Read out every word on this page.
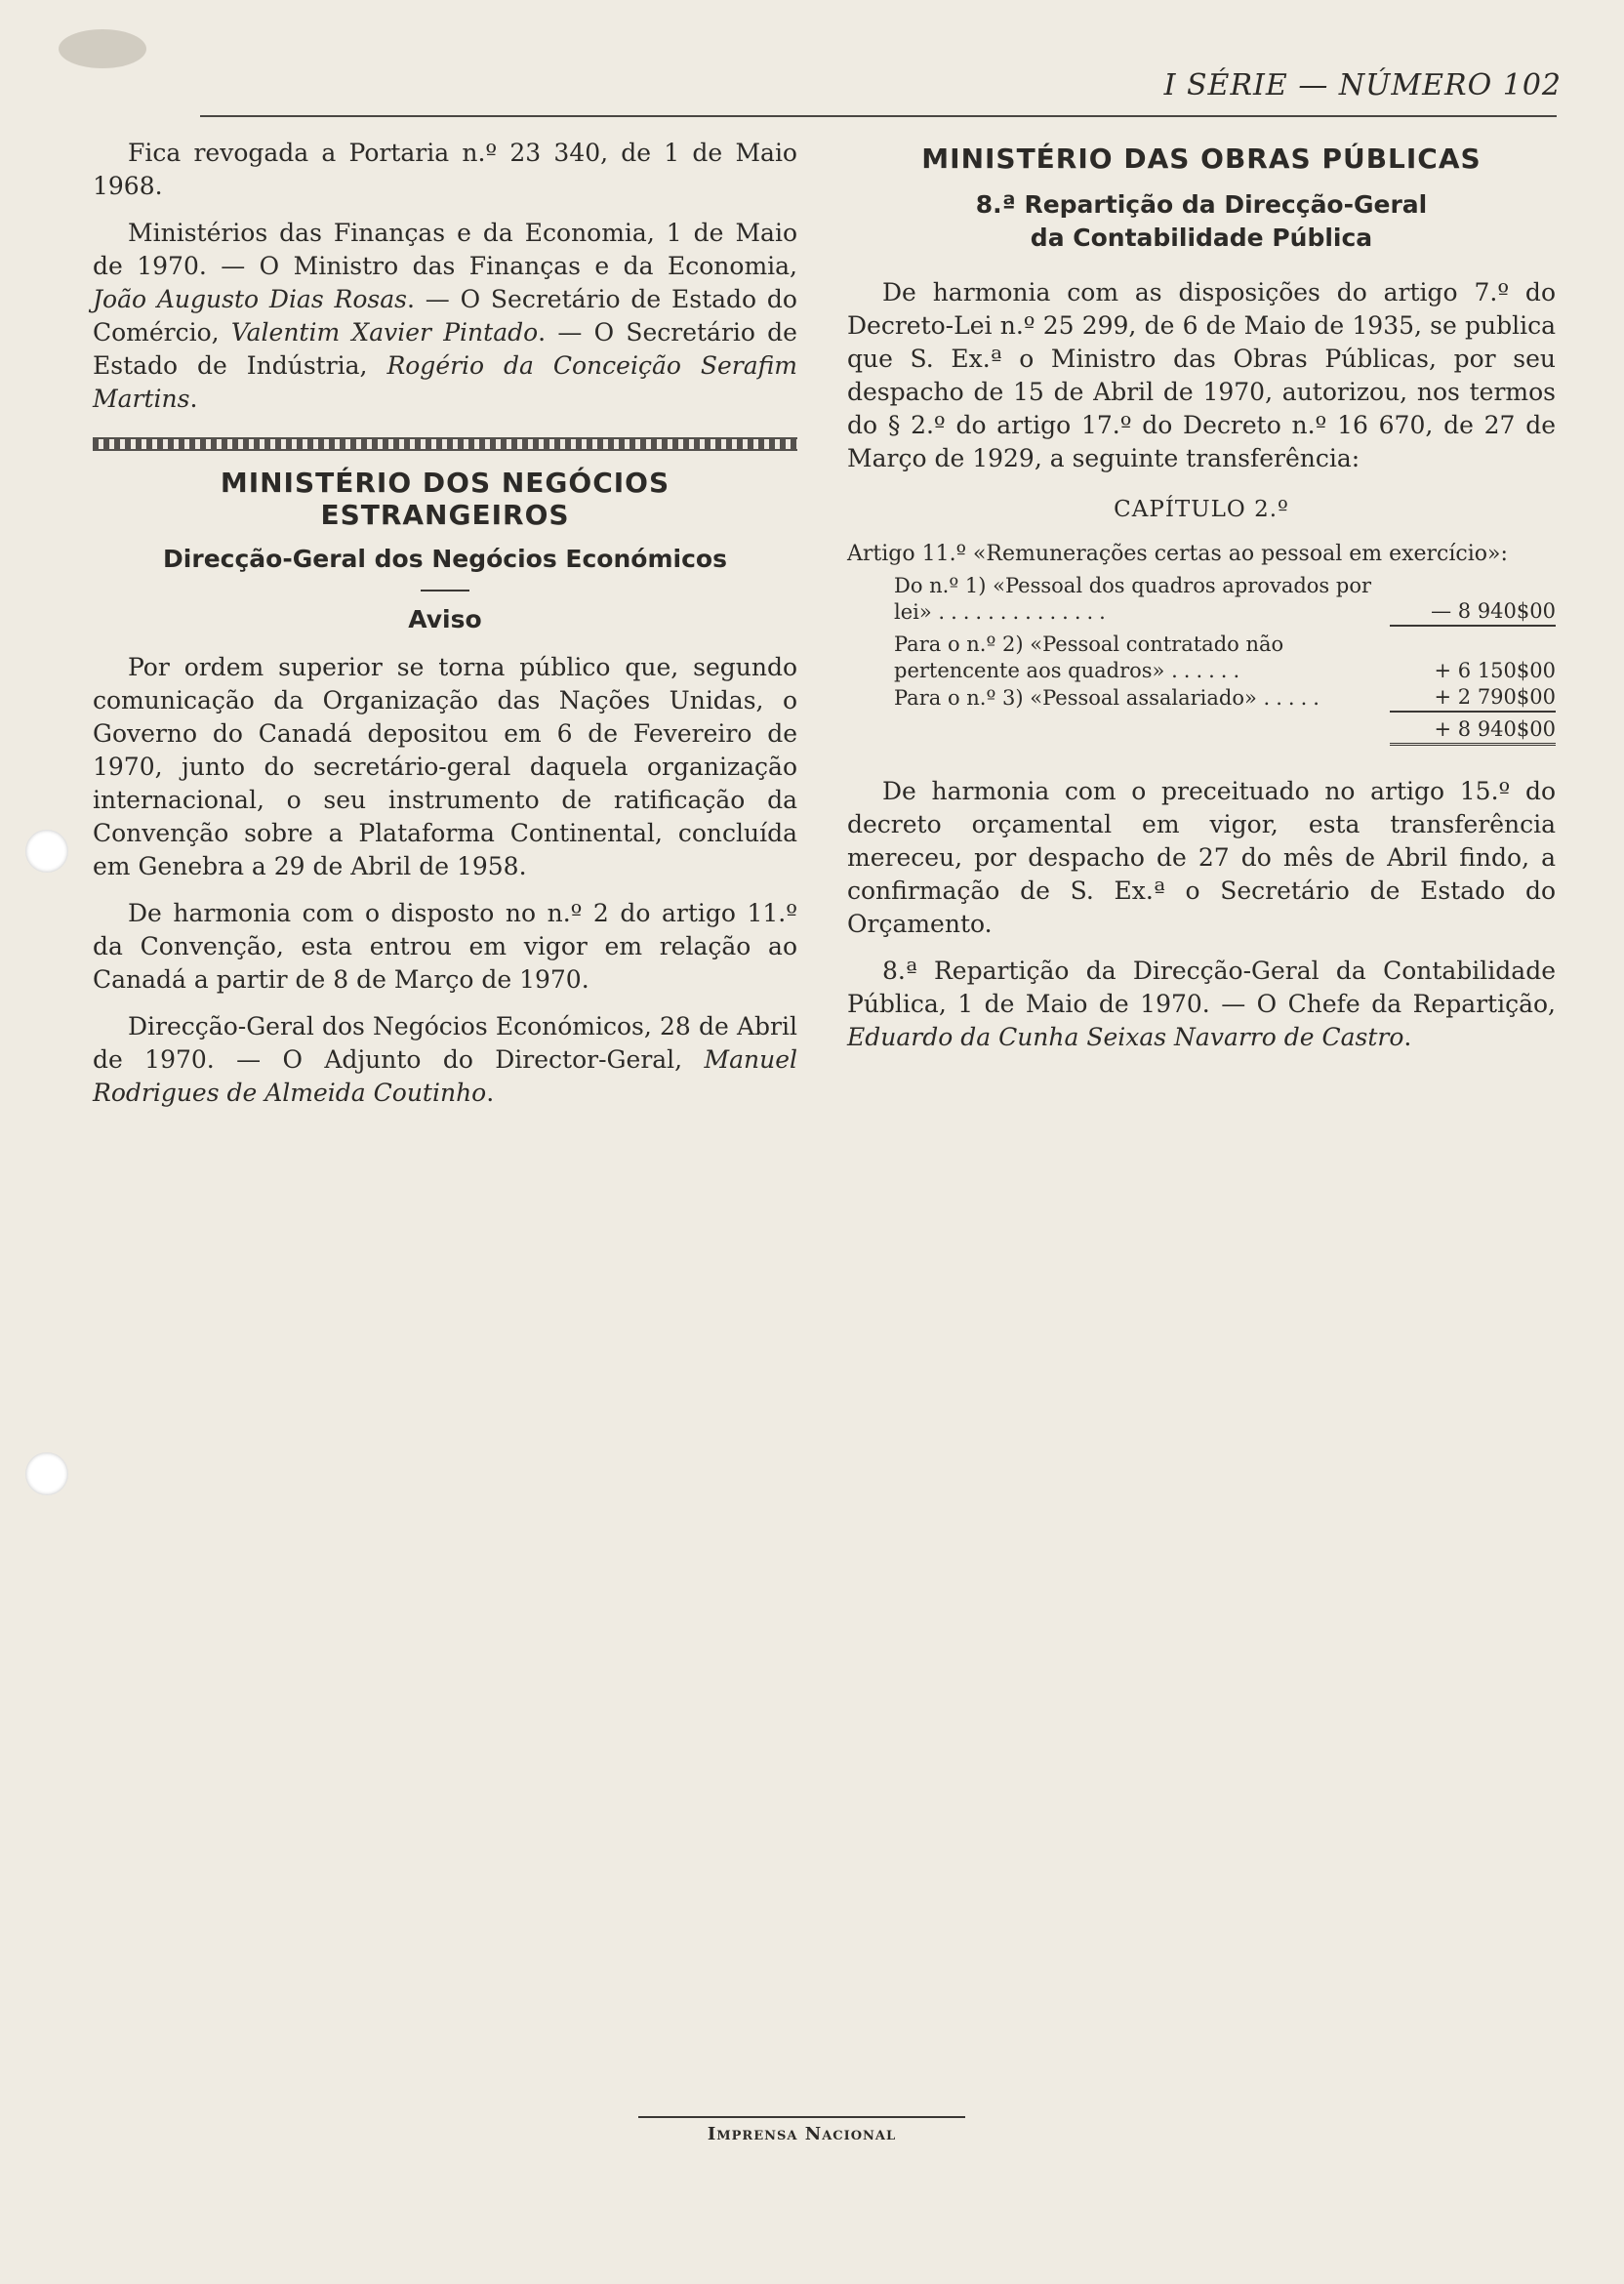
I SÉRIE — NÚMERO 102

Fica revogada a Portaria n.º 23 340, de 1 de Maio 1968.

Ministérios das Finanças e da Economia, 1 de Maio de 1970. — O Ministro das Finanças e da Economia, João Augusto Dias Rosas. — O Secretário de Estado do Comércio, Valentim Xavier Pintado. — O Secretário de Estado de Indústria, Rogério da Conceição Serafim Martins.

MINISTÉRIO DOS NEGÓCIOS ESTRANGEIROS
Direcção-Geral dos Negócios Económicos
Aviso

Por ordem superior se torna público que, segundo comunicação da Organização das Nações Unidas, o Governo do Canadá depositou em 6 de Fevereiro de 1970, junto do secretário-geral daquela organização internacional, o seu instrumento de ratificação da Convenção sobre a Plataforma Continental, concluída em Genebra a 29 de Abril de 1958.

De harmonia com o disposto no n.º 2 do artigo 11.º da Convenção, esta entrou em vigor em relação ao Canadá a partir de 8 de Março de 1970.

Direcção-Geral dos Negócios Económicos, 28 de Abril de 1970. — O Adjunto do Director-Geral, Manuel Rodrigues de Almeida Coutinho.

MINISTÉRIO DAS OBRAS PÚBLICAS
8.ª Repartição da Direcção-Geral
da Contabilidade Pública

De harmonia com as disposições do artigo 7.º do Decreto-Lei n.º 25 299, de 6 de Maio de 1935, se publica que S. Ex.ª o Ministro das Obras Públicas, por seu despacho de 15 de Abril de 1970, autorizou, nos termos do § 2.º do artigo 17.º do Decreto n.º 16 670, de 27 de Março de 1929, a seguinte transferência:

CAPÍTULO 2.º
Artigo 11.º «Remunerações certas ao pessoal em exercício»:
Do n.º 1) «Pessoal dos quadros aprovados por lei» ..............	— 8 940$00
Para o n.º 2) «Pessoal contratado não pertencente aos quadros» ......	+ 6 150$00
Para o n.º 3) «Pessoal assalariado» .....	+ 2 790$00
	+ 8 940$00

De harmonia com o preceituado no artigo 15.º do decreto orçamental em vigor, esta transferência mereceu, por despacho de 27 do mês de Abril findo, a confirmação de S. Ex.ª o Secretário de Estado do Orçamento.

8.ª Repartição da Direcção-Geral da Contabilidade Pública, 1 de Maio de 1970. — O Chefe da Repartição, Eduardo da Cunha Seixas Navarro de Castro.

Imprensa Nacional
